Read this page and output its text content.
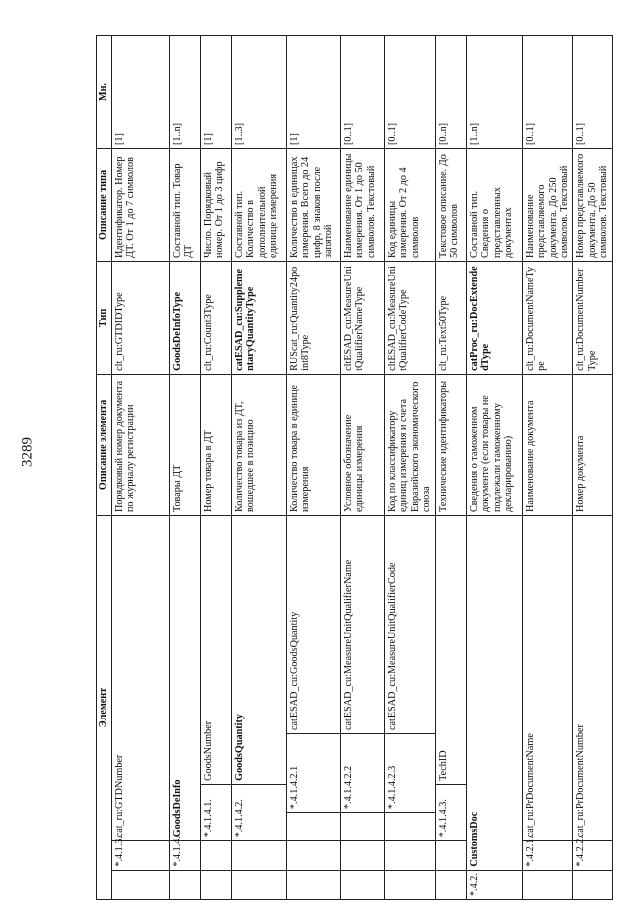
3289
Элемент						Описание элемента	Тип	Описание типа	Мн.
	*.4.1.3.	cat_ru:GTDNumber				Порядковый номер документа по журналу регистрации	clt_ru:GTDIDType	Идентификатор. Номер ДТ. От 1 до 7 символов	[1]
	*.4.1.4.	GoodsDeInfo				Товары ДТ	GoodsDeInfoType	Составной тип. Товар ДТ	[1..n]
		*.4.1.4.1.		GoodsNumber		Номер товара в ДТ	clt_ru:Count3Type	Число. Порядковый номер. От 1 до 3 цифр	[1]
		*.4.1.4.2.		GoodsQuantity		Количество товара из ДТ, вошедшее в позицию	catESAD_cu:SupplementaryQuantityType	Составной тип. Количество в дополнительной единице измерения	[1..3]
			*.4.1.4.2.1		catESAD_cu:GoodsQuantity	Количество товара в единице измерения	RUScat_ru:Quantity24point8Type	Количество в единицах измерения. Всего до 24 цифр, 8 знаков после запятой	[1]
			*.4.1.4.2.2		catESAD_cu:MeasureUnitQualifierName	Условное обозначение единицы измерения	cltESAD_cu:MeasureUnitQualifierNameType	Наименование единицы измерения. От 1 до 50 символов. Текстовый	[0..1]
			*.4.1.4.2.3		catESAD_cu:MeasureUnitQualifierCode	Код по классификатору единиц измерения и счета Евразийского экономического союза	cltESAD_cu:MeasureUnitQualifierCodeType	Код единицы измерения. От 2 до 4 символов	[0..1]
		*.4.1.4.3.		TechID		Технические идентификаторы	clt_ru:Text50Type	Текстовое описание. До 50 символов	[0..n]
*.4.2.	CustomsDoc					Сведения о таможенном документе (если товары не подлежали таможенному декларированию)	catProc_ru:DocExtendedType	Составной тип. Сведения о представленных документах	[1..n]
	*.4.2.1.	cat_ru:PrDocumentName				Наименование документа	clt_ru:DocumentNameType	Наименование представляемого документа. До 250 символов. Текстовый	[0..1]
	*.4.2.2.	cat_ru:PrDocumentNumber				Номер документа	clt_ru:DocumentNumberType	Номер представляемого документа. До 50 символов. Текстовый	[0..1]
